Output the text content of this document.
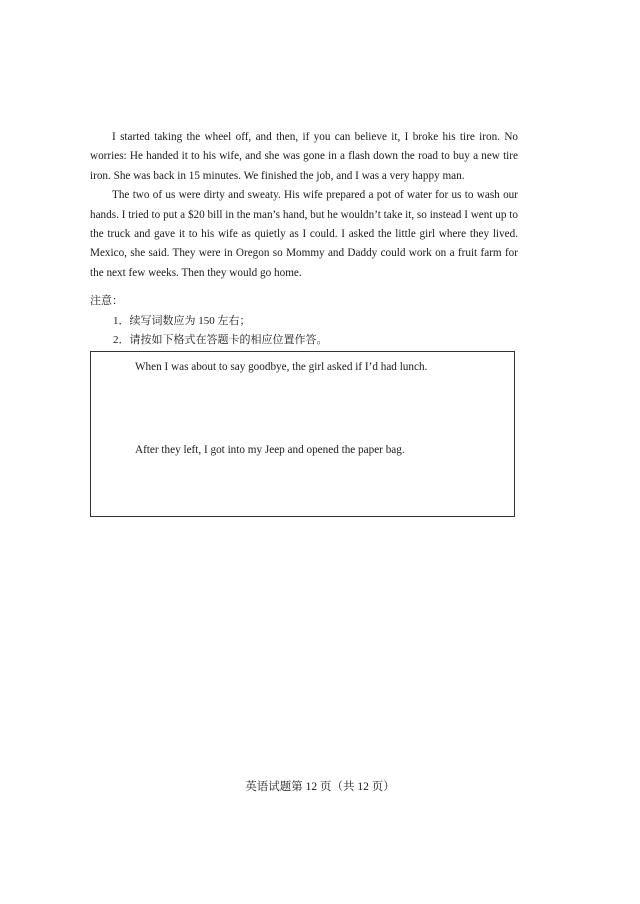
I started taking the wheel off, and then, if you can believe it, I broke his tire iron. No worries: He handed it to his wife, and she was gone in a flash down the road to buy a new tire iron. She was back in 15 minutes. We finished the job, and I was a very happy man.

The two of us were dirty and sweaty. His wife prepared a pot of water for us to wash our hands. I tried to put a $20 bill in the man’s hand, but he wouldn’t take it, so instead I went up to the truck and gave it to his wife as quietly as I could. I asked the little girl where they lived. Mexico, she said. They were in Oregon so Mommy and Daddy could work on a fruit farm for the next few weeks. Then they would go home.

注意：

1．续写词数应为 150 左右；

2．请按如下格式在答题卡的相应位置作答。

When I was about to say goodbye, the girl asked if I’d had lunch.
After they left, I got into my Jeep and opened the paper bag.
英语试题第 12 页（共 12 页）
